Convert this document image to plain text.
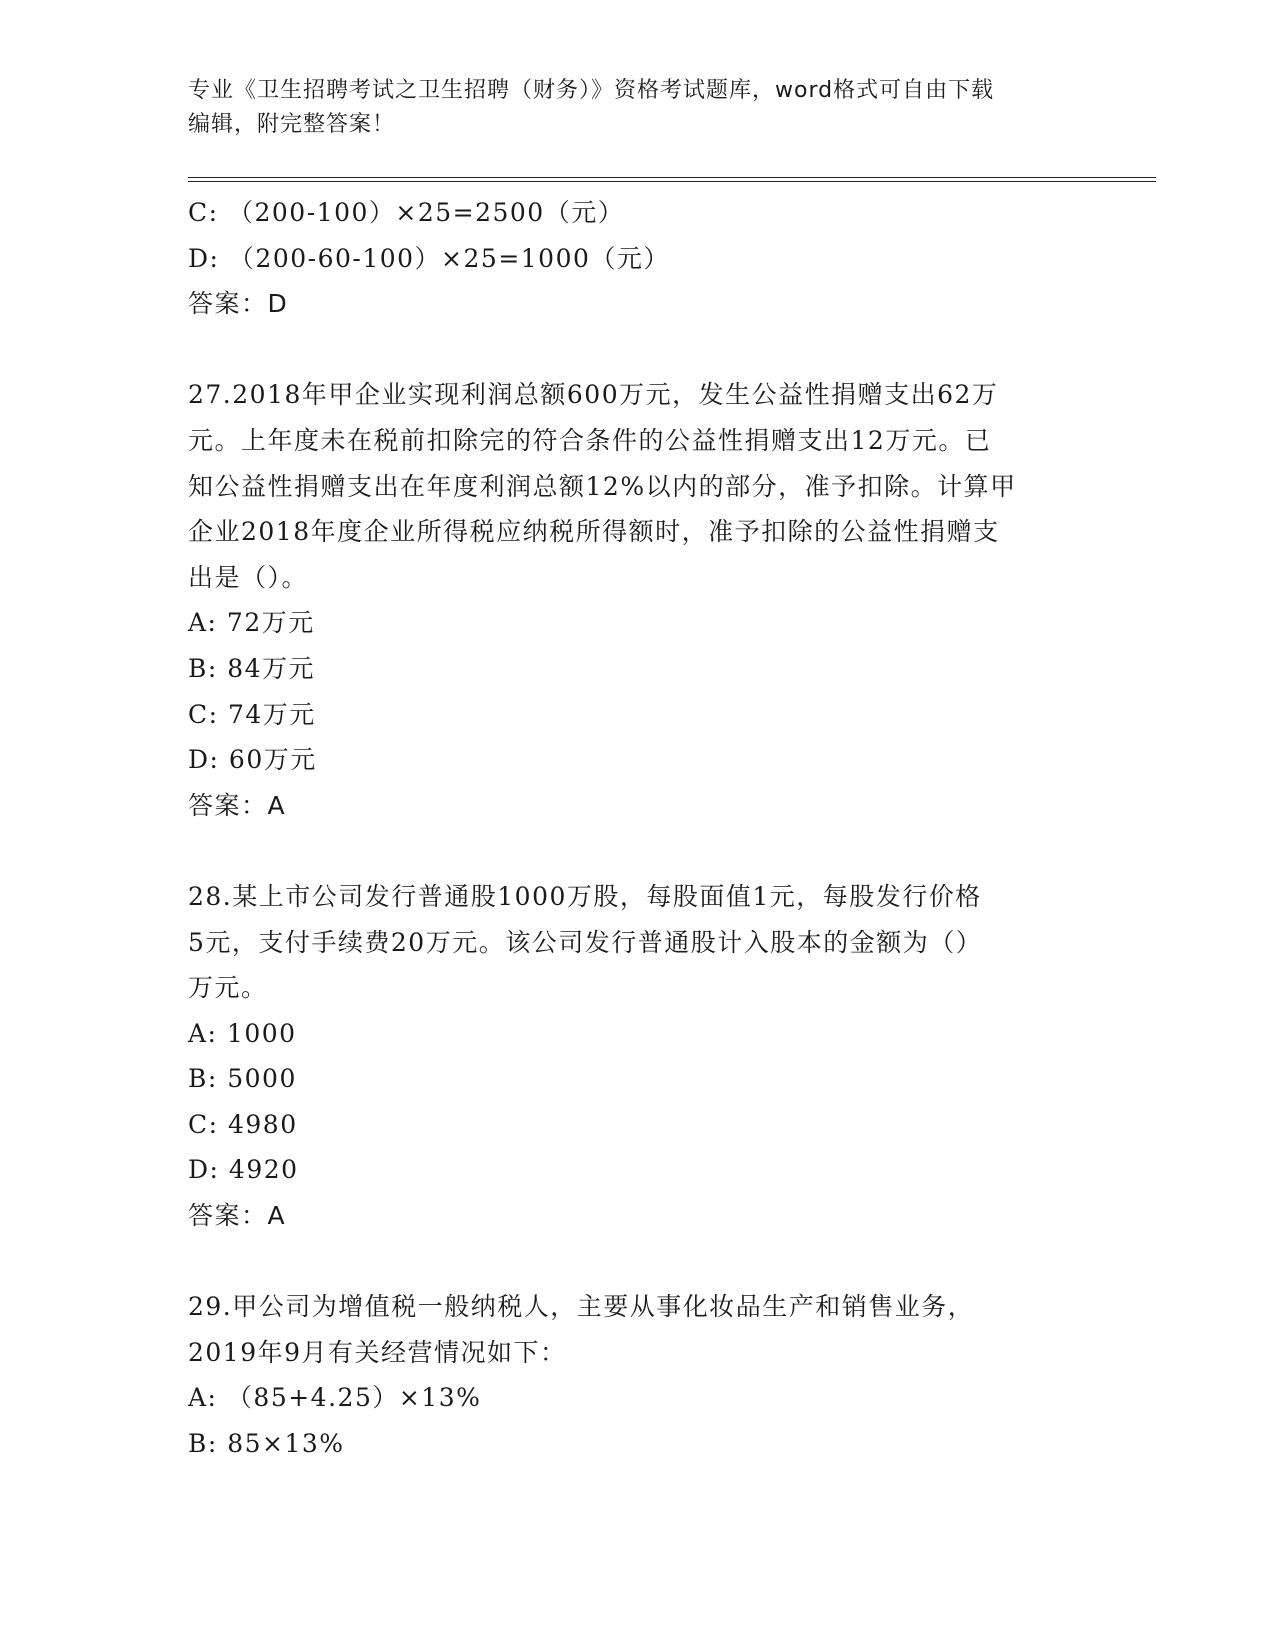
专业《卫生招聘考试之卫生招聘（财务）》资格考试题库，word格式可自由下载
编辑，附完整答案！
C: （200-100）×25=2500（元）
D: （200-60-100）×25=1000（元）
答案：D
27.2018年甲企业实现利润总额600万元，发生公益性捐赠支出62万
元。上年度未在税前扣除完的符合条件的公益性捐赠支出12万元。已
知公益性捐赠支出在年度利润总额12%以内的部分，准予扣除。计算甲
企业2018年度企业所得税应纳税所得额时，准予扣除的公益性捐赠支
出是（）。
A: 72万元
B: 84万元
C: 74万元
D: 60万元
答案：A
28.某上市公司发行普通股1000万股，每股面值1元，每股发行价格
5元，支付手续费20万元。该公司发行普通股计入股本的金额为（）
万元。
A: 1000
B: 5000
C: 4980
D: 4920
答案：A
29.甲公司为增值税一般纳税人，主要从事化妆品生产和销售业务，
2019年9月有关经营情况如下：
A: （85+4.25）×13%
B: 85×13%
